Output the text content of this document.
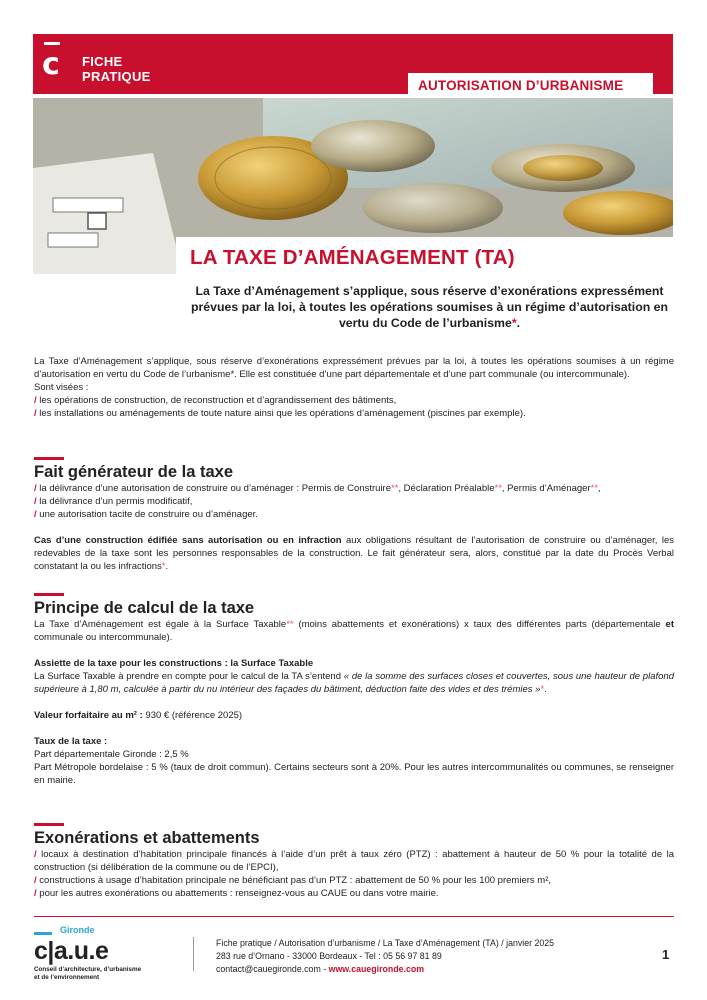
c	FICHE
PRATIQUE
AUTORISATION D’URBANISME
LA TAXE D’AMÉNAGEMENT (TA)
La Taxe d’Aménagement s’applique, sous réserve d’exonérations expressément prévues par la loi, à toutes les opérations soumises à un régime d’autorisation en vertu du Code de l’urbanisme*.

La Taxe d’Aménagement s’applique, sous réserve d’exonérations expressément prévues par la loi, à toutes les opérations soumises à un régime d’autorisation en vertu du Code de l’urbanisme*. Elle est constituée d’une part départementale et d’une part communale (ou intercommunale).

Sont visées :

/ les opérations de construction, de reconstruction et d’agrandissement des bâtiments,

/ les installations ou aménagements de toute nature ainsi que les opérations d’aménagement (piscines par exemple).

Fait générateur de la taxe

/ la délivrance d’une autorisation de construire ou d’aménager : Permis de Construire**, Déclaration Préalable**, Permis d’Aménager**,

/ la délivrance d’un permis modificatif,

/ une autorisation tacite de construire ou d’aménager.

Cas d’une construction édifiée sans autorisation ou en infraction aux obligations résultant de l’autorisation de construire ou d’aménager, les redevables de la taxe sont les personnes responsables de la construction. Le fait générateur sera, alors, constitué par la date du Procès Verbal constatant la ou les infractions*.

Principe de calcul de la taxe

La Taxe d’Aménagement est égale à la Surface Taxable** (moins abattements et exonérations) x taux des différentes parts (départementale et communale ou intercommunale).

Assiette de la taxe pour les constructions : la Surface Taxable

La Surface Taxable à prendre en compte pour le calcul de la TA s’entend « de la somme des surfaces closes et couvertes, sous une hauteur de plafond supérieure à 1,80 m, calculée à partir du nu intérieur des façades du bâtiment, déduction faite des vides et des trémies »*.

Valeur forfaitaire au m² : 930 € (référence 2025)

Taux de la taxe :

Part départementale Gironde : 2,5 %

Part Métropole bordelaise : 5 % (taux de droit commun). Certains secteurs sont à 20%. Pour les autres intercommunalités ou communes, se renseigner en mairie.

Exonérations et abattements

/ locaux à destination d’habitation principale financés à l’aide d’un prêt à taux zéro (PTZ) : abattement à hauteur de 50 % pour la totalité de la construction (si délibération de la commune ou de l’EPCI),

/ constructions à usage d’habitation principale ne bénéficiant pas d’un PTZ : abattement de 50 % pour les 100 premiers m²,

/ pour les autres exonérations ou abattements : renseignez-vous au CAUE ou dans votre mairie.

Gironde
c|a.u.e
Conseil d’architecture, d’urbanisme
et de l’environnement
Fiche pratique / Autorisation d’urbanisme / La Taxe d’Aménagement (TA) / janvier 2025
283 rue d’Ornano - 33000 Bordeaux - Tel : 05 56 97 81 89
contact@cauegironde.com - www.cauegironde.com
1
